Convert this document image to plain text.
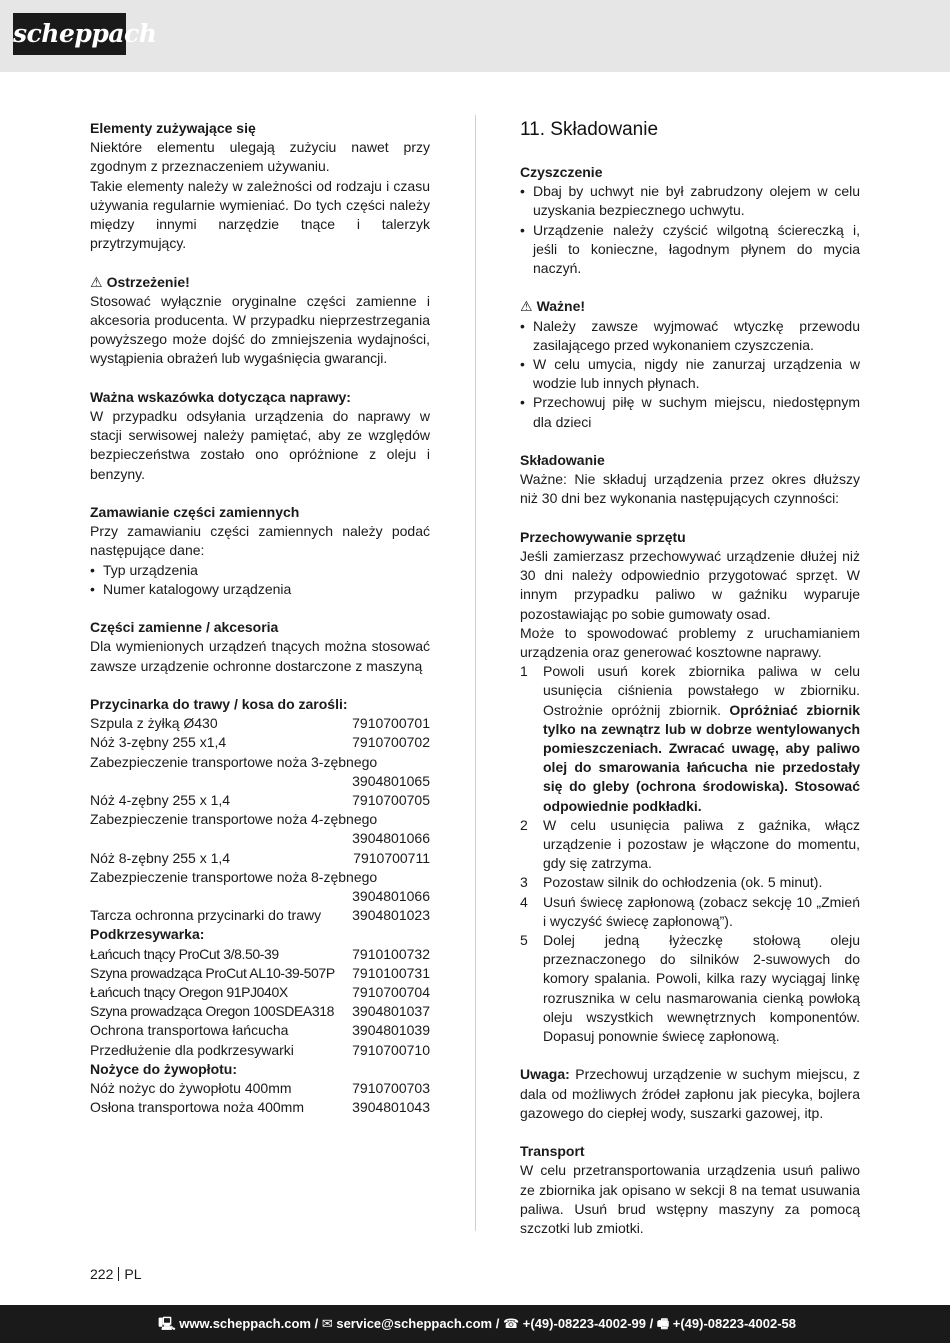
scheppach

Elementy zużywające się

Niektóre elementu ulegają zużyciu nawet przy zgodnym z przeznaczeniem używaniu.

Takie elementy należy w zależności od rodzaju i czasu używania regularnie wymieniać. Do tych części należy między innymi narzędzie tnące i talerzyk przytrzymujący.

⚠ Ostrzeżenie!

Stosować wyłącznie oryginalne części zamienne i akcesoria producenta. W przypadku nieprzestrzegania powyższego może dojść do zmniejszenia wydajności, wystąpienia obrażeń lub wygaśnięcia gwarancji.

Ważna wskazówka dotycząca naprawy:

W przypadku odsyłania urządzenia do naprawy w stacji serwisowej należy pamiętać, aby ze względów bezpieczeństwa zostało ono opróżnione z oleju i benzyny.

Zamawianie części zamiennych

Przy zamawianiu części zamiennych należy podać następujące dane:

• Typ urządzenia
• Numer katalogowy urządzenia

Części zamienne / akcesoria

Dla wymienionych urządzeń tnących można stosować zawsze urządzenie ochronne dostarczone z maszyną

Przycinarka do trawy / kosa do zarośli:

Szpula z żyłką Ø430	7910700701
Nóż 3-zębny 255 x1,4	7910700702
Zabezpieczenie transportowe noża 3-zębnego
3904801065
Nóż 4-zębny 255 x 1,4	7910700705
Zabezpieczenie transportowe noża 4-zębnego
3904801066
Nóż 8-zębny 255 x 1,4	7910700711
Zabezpieczenie transportowe noża 8-zębnego
3904801066
Tarcza ochronna przycinarki do trawy 3904801023

Podkrzesywarka:

Łańcuch tnący ProCut 3/8.50-39	7910100732
Szyna prowadząca ProCut AL10-39-507P 7910100731
Łańcuch tnący Oregon 91PJ040X	7910700704
Szyna prowadząca Oregon 100SDEA318 3904801037
Ochrona transportowa łańcucha	3904801039
Przedłużenie dla podkrzesywarki	7910700710

Nożyce do żywopłotu:

Nóż nożyc do żywopłotu 400mm	7910700703
Osłona transportowa noża 400mm	3904801043
11. Składowanie

Czyszczenie

• Dbaj by uchwyt nie był zabrudzony olejem w celu uzyskania bezpiecznego uchwytu.
• Urządzenie należy czyścić wilgotną ściereczką i, jeśli to konieczne, łagodnym płynem do mycia naczyń.

⚠ Ważne!

• Należy zawsze wyjmować wtyczkę przewodu zasilającego przed wykonaniem czyszczenia.
• W celu umycia, nigdy nie zanurzaj urządzenia w wodzie lub innych płynach.
• Przechowuj piłę w suchym miejscu, niedostępnym dla dzieci

Składowanie

Ważne: Nie składuj urządzenia przez okres dłuższy niż 30 dni bez wykonania następujących czynności:

Przechowywanie sprzętu

Jeśli zamierzasz przechowywać urządzenie dłużej niż 30 dni należy odpowiednio przygotować sprzęt. W innym przypadku paliwo w gaźniku wyparuje pozostawiając po sobie gumowaty osad.

Może to spowodować problemy z uruchamianiem urządzenia oraz generować kosztowne naprawy.

1 Powoli usuń korek zbiornika paliwa w celu usunięcia ciśnienia powstałego w zbiorniku. Ostrożnie opróżnij zbiornik. Opróżniać zbiornik tylko na zewnątrz lub w dobrze wentylowanych pomieszczeniach. Zwracać uwagę, aby paliwo olej do smarowania łańcucha nie przedostały się do gleby (ochrona środowiska). Stosować odpowiednie podkładki.
2 W celu usunięcia paliwa z gaźnika, włącz urządzenie i pozostaw je włączone do momentu, gdy się zatrzyma.
3 Pozostaw silnik do ochłodzenia (ok. 5 minut).
4 Usuń świecę zapłonową (zobacz sekcję 10 „Zmień i wyczyść świecę zapłonową”).
5 Dolej jedną łyżeczkę stołową oleju przeznaczonego do silników 2-suwowych do komory spalania. Powoli, kilka razy wyciągaj linkę rozrusznika w celu nasmarowania cienką powłoką oleju wszystkich wewnętrznych komponentów. Dopasuj ponownie świecę zapłonową.

Uwaga: Przechowuj urządzenie w suchym miejscu, z dala od możliwych źródeł zapłonu jak piecyka, bojlera gazowego do ciepłej wody, suszarki gazowej, itp.

Transport

W celu przetransportowania urządzenia usuń paliwo ze zbiornika jak opisano w sekcji 8 na temat usuwania paliwa. Usuń brud wstępny maszyny za pomocą szczotki lub zmiotki.

222 PL
🖳 www.scheppach.com / ✉ service@scheppach.com / ☎ +(49)-08223-4002-99 / 🖷 +(49)-08223-4002-58
